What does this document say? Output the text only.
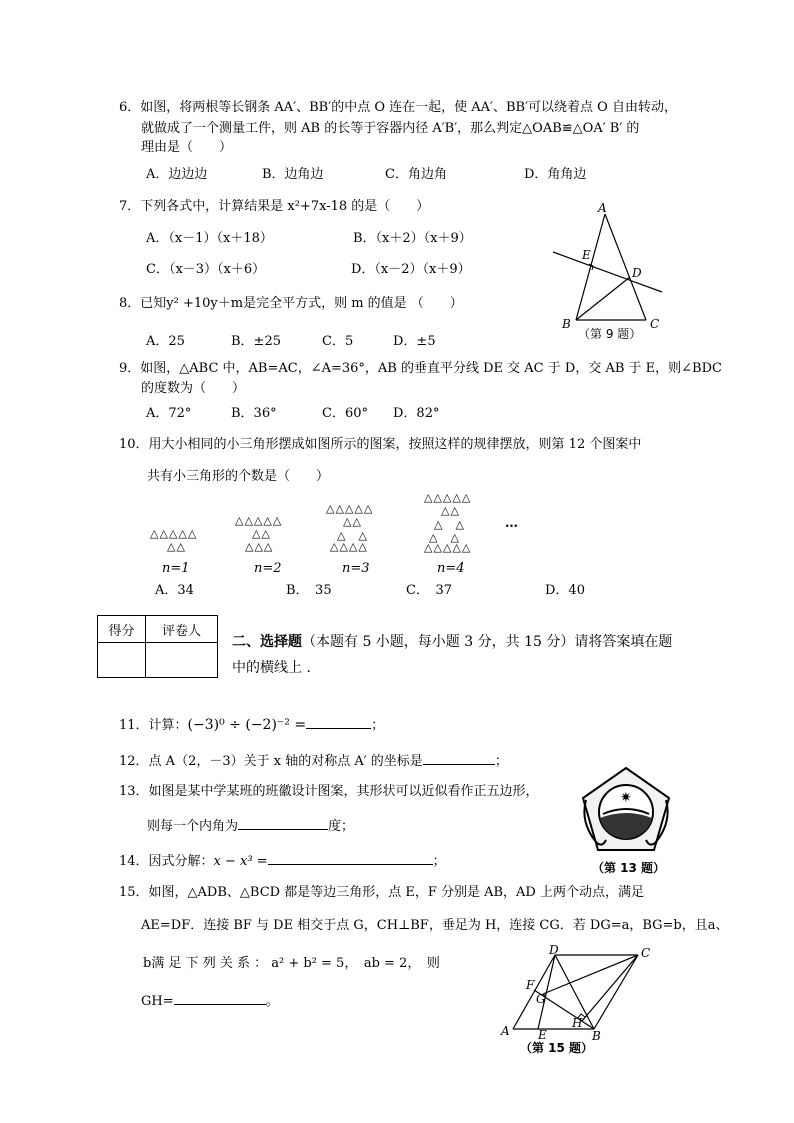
6．如图，将两根等长钢条 AA′、BB′的中点 O 连在一起，使 AA′、BB′可以绕着点 O 自由转动，
就做成了一个测量工件，则 AB 的长等于容器内径 A′B′，那么判定△OAB≌△OA′ B′ 的
理由是（　　）
A．边边边	B．边角边	C．角边角	D．角角边
7．下列各式中，计算结果是 x²+7x-18 的是（　　）
A．（x－1）（x＋18）	B．（x＋2）（x＋9）
C．（x－3）（x＋6）	D．（x－2）（x＋9）
A
E
D
B	C
（第 9 题）
8．已知y² +10y＋m是完全平方式，则 m 的值是 （　　）
A．25	B．±25	C．5	D．±5
9．如图，△ABC 中，AB=AC，∠A=36°，AB 的垂直平分线 DE 交 AC 于 D，交 AB 于 E，则∠BDC
的度数为（　　）
A．72°	B．36°	C．60° D．82°
10．用大小相同的小三角形摆成如图所示的图案，按照这样的规律摆放，则第 12 个图案中
共有小三角形的个数是（　　）
△△△△△
△△
n=1
△△△△△
△△
△△△
n=2
△△△△△
△△
△　△
△△△△
n=3
△△△△△
△△
△　△
△　△
△△△△△
n=4
…
A．34	B．　35	C．　37	D．40
得分	评卷人

二、选择题（本题有 5 小题，每小题 3 分，共 15 分）请将答案填在题
中的横线上 .
11．计算：(−3)⁰ ÷ (−2)⁻² =	；
12．点 A（2，－3）关于 x 轴的对称点 A′ 的坐标是	；
13．如图是某中学某班的班徽设计图案，其形状可以近似看作正五边形，
则每一个内角为	度；
✷
（第 13 题）
14．因式分解：x − x³ =	；
15．如图，△ADB、△BCD 都是等边三角形，点 E，F 分别是 AB，AD 上两个动点，满足
AE=DF．连接 BF 与 DE 相交于点 G，CH⊥BF，垂足为 H，连接 CG．若 DG=a，BG=b，且a、
b满 足 下 列 关 系 ： a² + b² = 5，　ab = 2，　则
GH=	。
D	C
F
G
A E
H
B
（第 15 题）
